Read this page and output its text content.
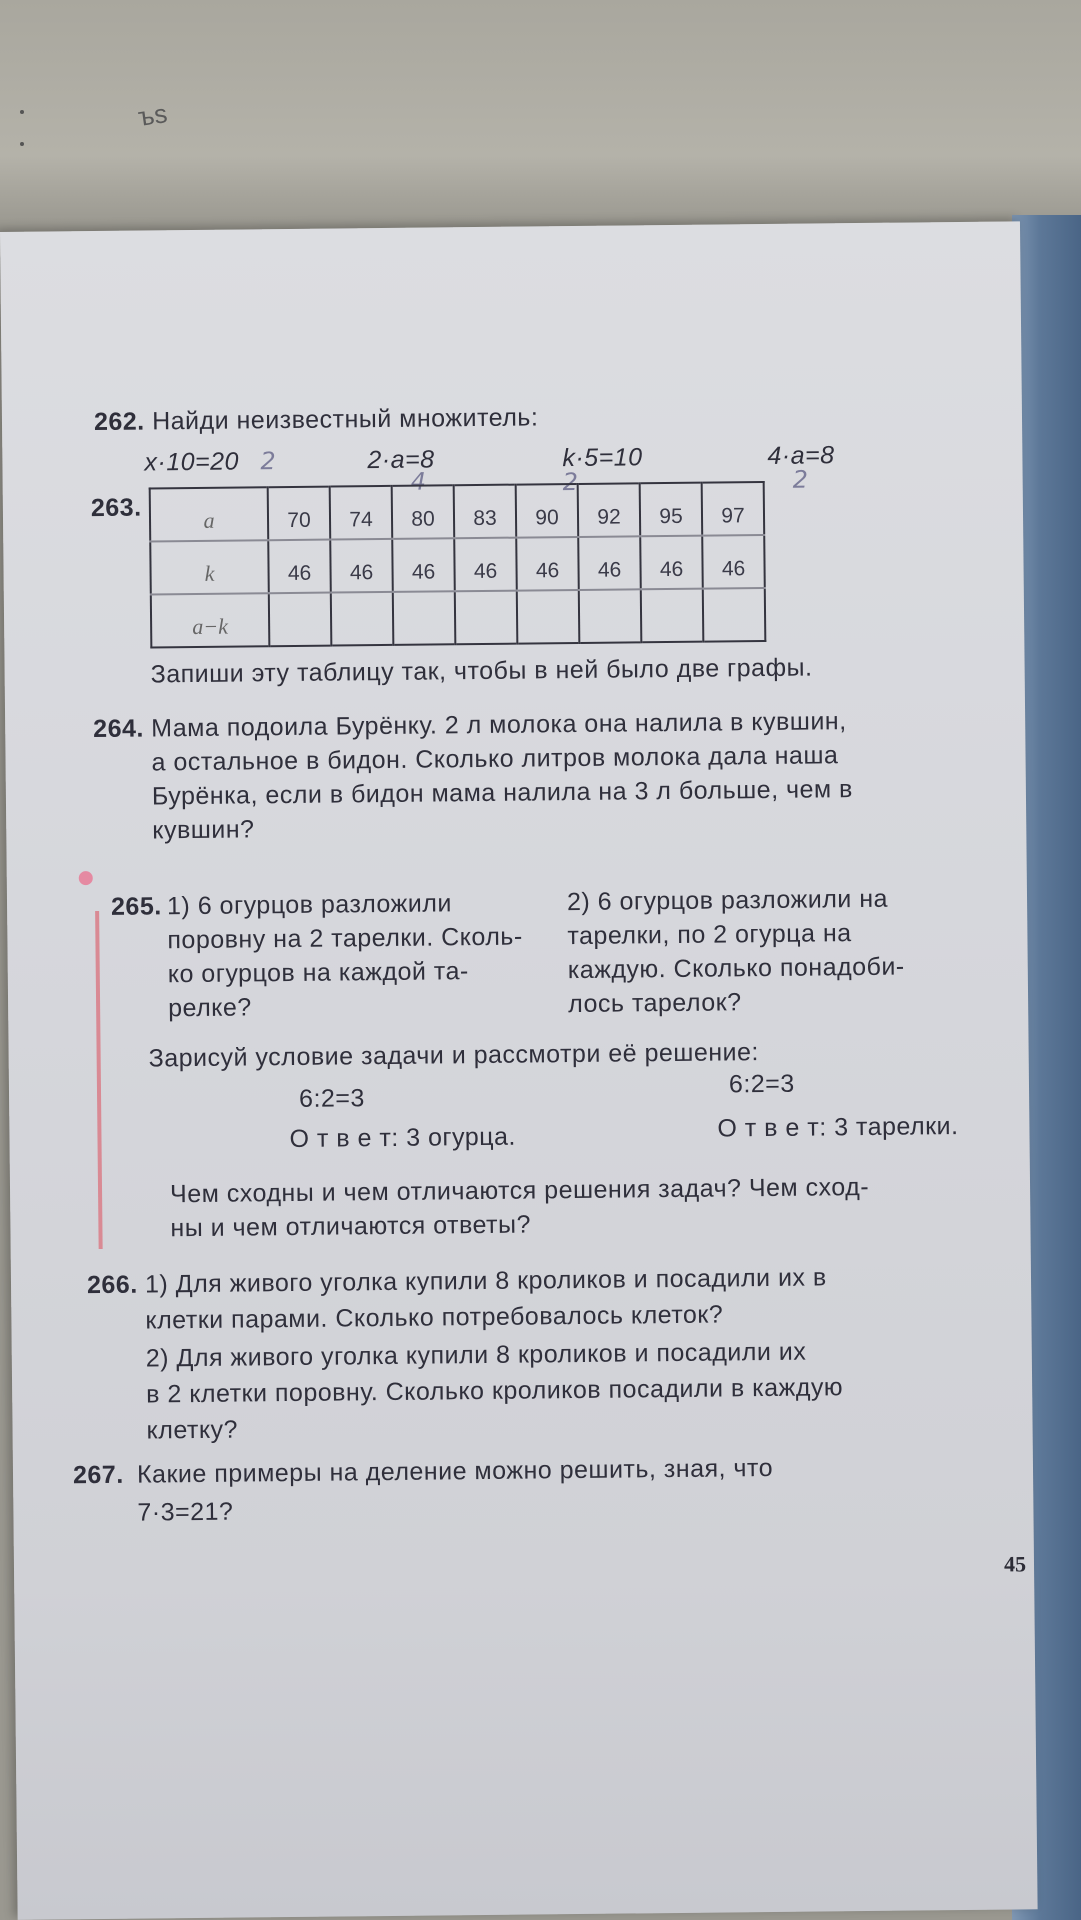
ъs
262. Найди неизвестный множитель:
x·10=20 2	2·a=8
4
k·5=10
2
4·a=8
2
263.	a	70	74	80	83	90	92	95	97
k	46	46	46	46	46	46	46	46
a−k								
Запиши эту таблицу так, чтобы в ней было две графы.
264. Мама подоила Бурёнку. 2 л молока она налила в кувшин,
а остальное в бидон. Сколько литров молока дала наша
Бурёнка, если в бидон мама налила на 3 л больше, чем в
кувшин?
265. 1) 6 огурцов разложили
поровну на 2 тарелки. Сколь-
ко огурцов на каждой та-
релке?
2) 6 огурцов разложили на
тарелки, по 2 огурца на
каждую. Сколько понадоби-
лось тарелок?
Зарисуй условие задачи и рассмотри её решение:
6:2=3
6:2=3
О т в е т: 3 огурца.	О т в е т: 3 тарелки.
Чем сходны и чем отличаются решения задач? Чем сход-
ны и чем отличаются ответы?
266. 1) Для живого уголка купили 8 кроликов и посадили их в
клетки парами. Сколько потребовалось клеток?
2) Для живого уголка купили 8 кроликов и посадили их
в 2 клетки поровну. Сколько кроликов посадили в каждую
клетку?
267. Какие примеры на деление можно решить, зная, что
7·3=21?
45
